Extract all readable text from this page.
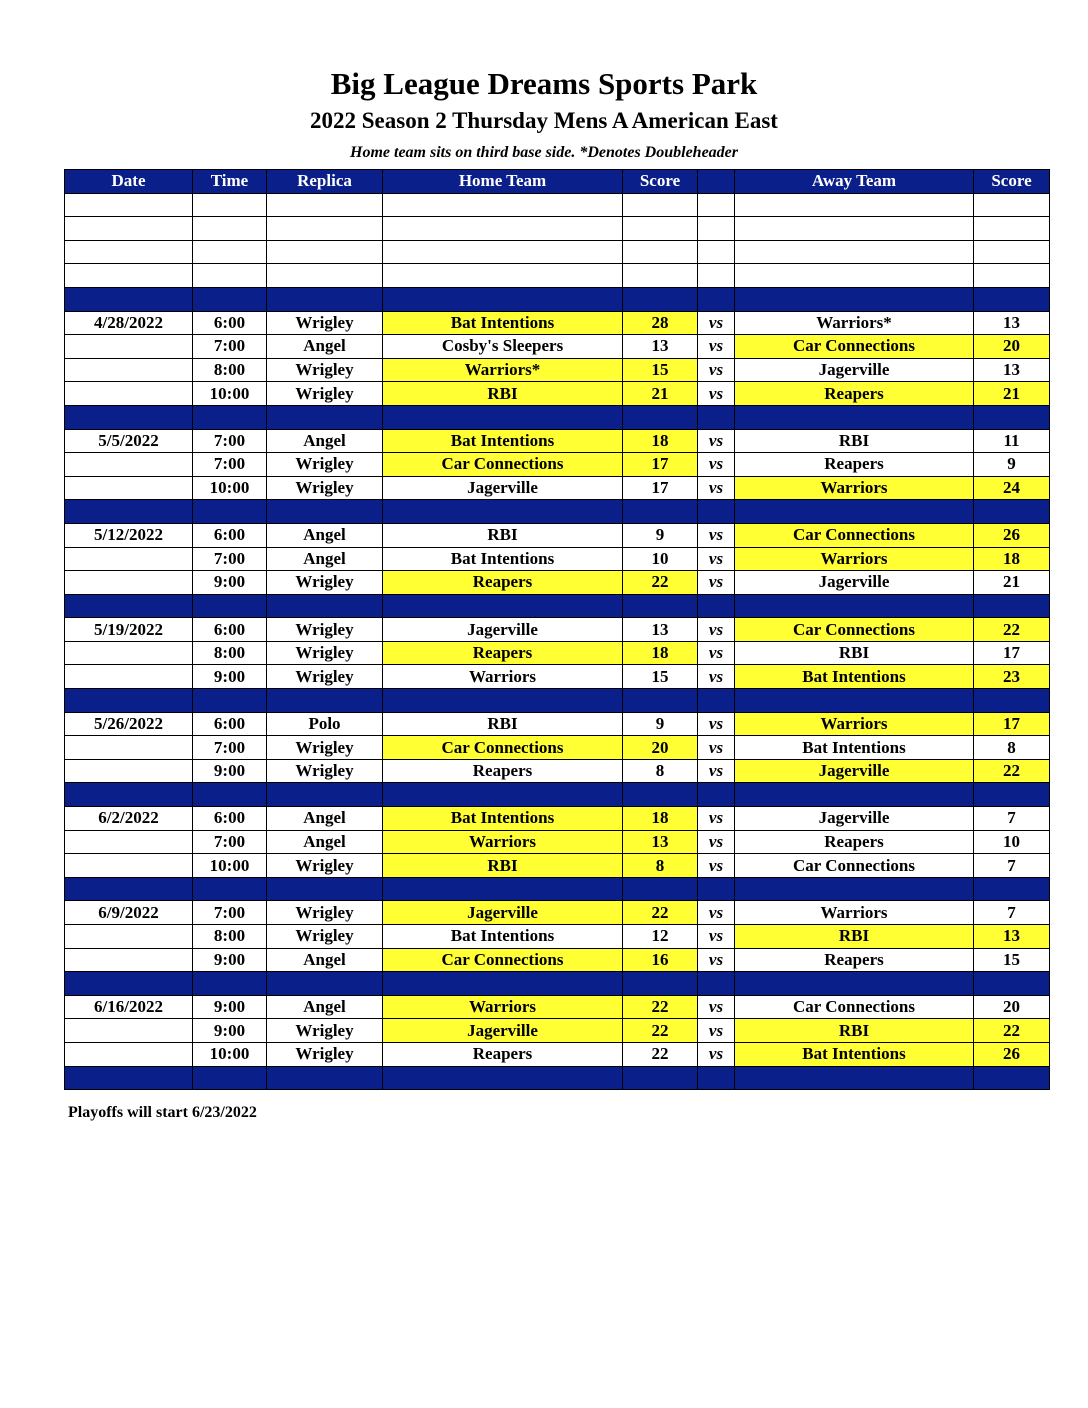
Big League Dreams Sports Park
2022 Season 2 Thursday Mens A American East
Home team sits on third base side. *Denotes Doubleheader
Date	Time	Replica	Home Team	Score		Away Team	Score

4/28/2022	6:00	Wrigley	Bat Intentions	28	vs	Warriors*	13
	7:00	Angel	Cosby's Sleepers	13	vs	Car Connections	20
	8:00	Wrigley	Warriors*	15	vs	Jagerville	13
	10:00	Wrigley	RBI	21	vs	Reapers	21

5/5/2022	7:00	Angel	Bat Intentions	18	vs	RBI	11
	7:00	Wrigley	Car Connections	17	vs	Reapers	9
	10:00	Wrigley	Jagerville	17	vs	Warriors	24

5/12/2022	6:00	Angel	RBI	9	vs	Car Connections	26
	7:00	Angel	Bat Intentions	10	vs	Warriors	18
	9:00	Wrigley	Reapers	22	vs	Jagerville	21

5/19/2022	6:00	Wrigley	Jagerville	13	vs	Car Connections	22
	8:00	Wrigley	Reapers	18	vs	RBI	17
	9:00	Wrigley	Warriors	15	vs	Bat Intentions	23

5/26/2022	6:00	Polo	RBI	9	vs	Warriors	17
	7:00	Wrigley	Car Connections	20	vs	Bat Intentions	8
	9:00	Wrigley	Reapers	8	vs	Jagerville	22

6/2/2022	6:00	Angel	Bat Intentions	18	vs	Jagerville	7
	7:00	Angel	Warriors	13	vs	Reapers	10
	10:00	Wrigley	RBI	8	vs	Car Connections	7

6/9/2022	7:00	Wrigley	Jagerville	22	vs	Warriors	7
	8:00	Wrigley	Bat Intentions	12	vs	RBI	13
	9:00	Angel	Car Connections	16	vs	Reapers	15

6/16/2022	9:00	Angel	Warriors	22	vs	Car Connections	20
	9:00	Wrigley	Jagerville	22	vs	RBI	22
	10:00	Wrigley	Reapers	22	vs	Bat Intentions	26

Playoffs will start 6/23/2022
